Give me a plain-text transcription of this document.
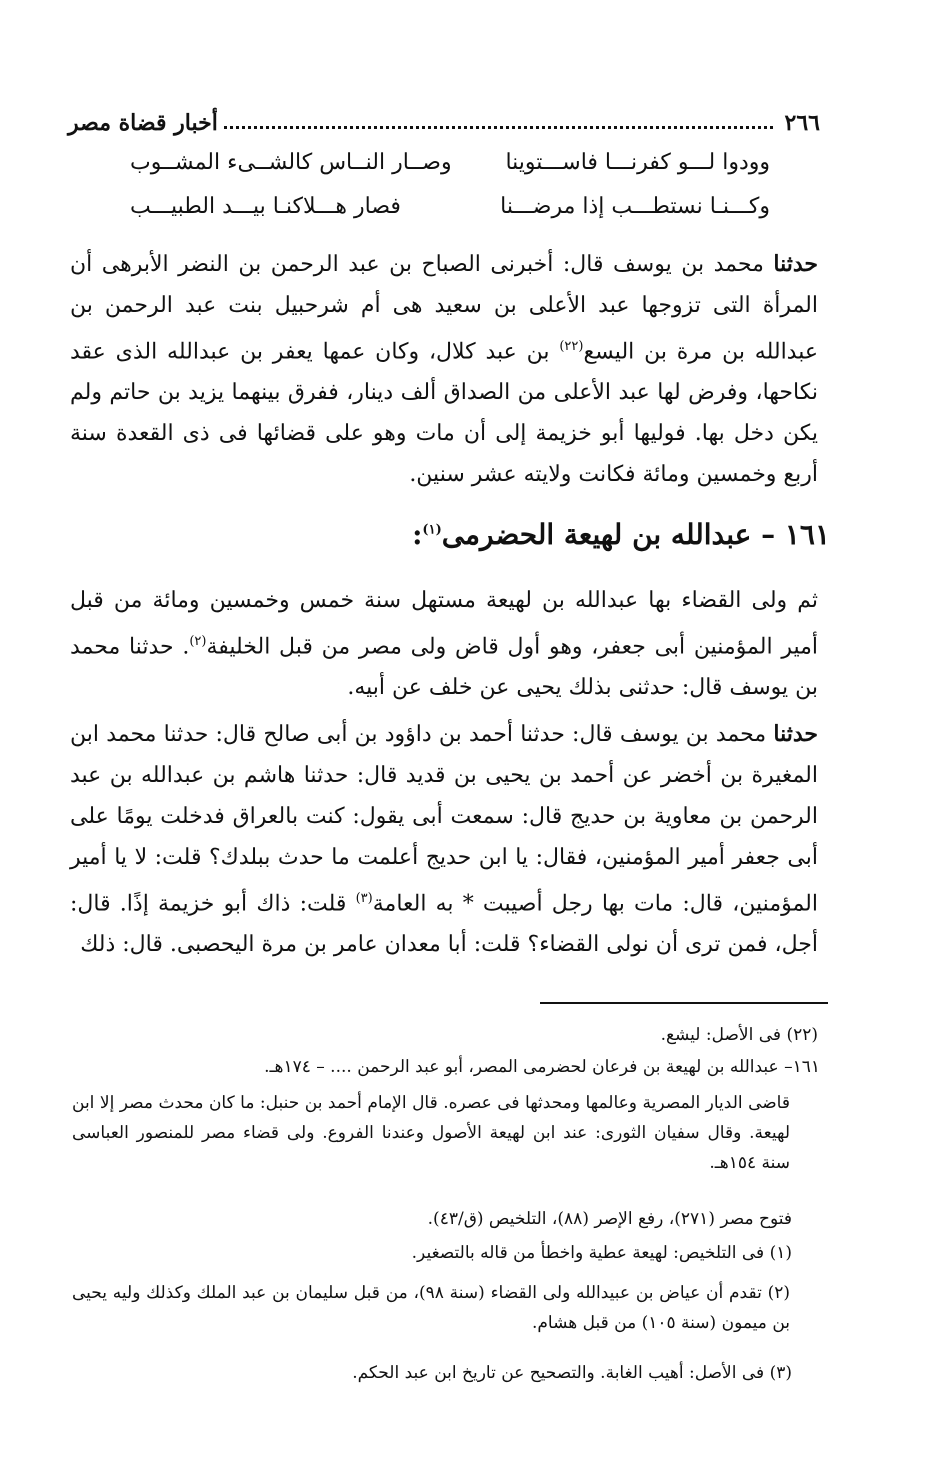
٢٦٦
أخبار قضاة مصر
وودوا لـــو كفرنـــا فاســـتوينا
وصــار النــاس كالشــىء المشــوب
وكـــنـا نستطـــب إذا مرضـــنا
فصار هـــلاكنـا بيـــد الطبيـــب
حدثنا محمد بن يوسف قال: أخبرنى الصباح بن عبد الرحمن بن النضر الأبرهى أن المرأة التى تزوجها عبد الأعلى بن سعيد هى أم شرحبيل بنت عبد الرحمن بن عبدالله بن مرة بن اليسع$^{(٢٢)}$ بن عبد كلال، وكان عمها يعفر بن عبدالله الذى عقد نكاحها، وفرض لها عبد الأعلى من الصداق ألف دينار، ففرق بينهما يزيد بن حاتم ولم يكن دخل بها. فوليها أبو خزيمة إلى أن مات وهو على قضائها فى ذى القعدة سنة أربع وخمسين ومائة فكانت ولايته عشر سنين.
١٦١ – عبدالله بن لهيعة الحضرمى$^{(١)}$:
ثم ولى القضاء بها عبدالله بن لهيعة مستهل سنة خمس وخمسين ومائة من قبل أمير المؤمنين أبى جعفر، وهو أول قاض ولى مصر من قبل الخليفة$^{(٢)}$. حدثنا محمد بن يوسف قال: حدثنى بذلك يحيى عن خلف عن أبيه.
حدثنا محمد بن يوسف قال: حدثنا أحمد بن داؤود بن أبى صالح قال: حدثنا محمد ابن المغيرة بن أخضر عن أحمد بن يحيى بن قديد قال: حدثنا هاشم بن عبدالله بن عبد الرحمن بن معاوية بن حديج قال: سمعت أبى يقول: كنت بالعراق فدخلت يومًا على أبى جعفر أمير المؤمنين، فقال: يا ابن حديج أعلمت ما حدث ببلدك؟ قلت: لا يا أمير المؤمنين، قال: مات بها رجل أصيبت * به العامة$^{(٣)}$ قلت: ذاك أبو خزيمة إذًا. قال: أجل، فمن ترى أن نولى القضاء؟ قلت: أبا معدان عامر بن مرة اليحصبى. قال: ذلك
(٢٢) فى الأصل: ليشع.
١٦١– عبدالله بن لهيعة بن فرعان لحضرمى المصر، أبو عبد الرحمن .... – ١٧٤هـ.
قاضى الديار المصرية وعالمها ومحدثها فى عصره. قال الإمام أحمد بن حنبل: ما كان محدث مصر إلا ابن لهيعة. وقال سفيان الثورى: عند ابن لهيعة الأصول وعندنا الفروع. ولى قضاء مصر للمنصور العباسى سنة ١٥٤هـ.
فتوح مصر (٢٧١)، رفع الإصر (٨٨)، التلخيص (ق/٤٣).
(١) فى التلخيص: لهيعة عطية واخطأ من قاله بالتصغير.
(٢) تقدم أن عياض بن عبيدالله ولى القضاء (سنة ٩٨)، من قبل سليمان بن عبد الملك وكذلك وليه يحيى بن ميمون (سنة ١٠٥) من قبل هشام.
(٣) فى الأصل: أهيب الغابة. والتصحيح عن تاريخ ابن عبد الحكم.
